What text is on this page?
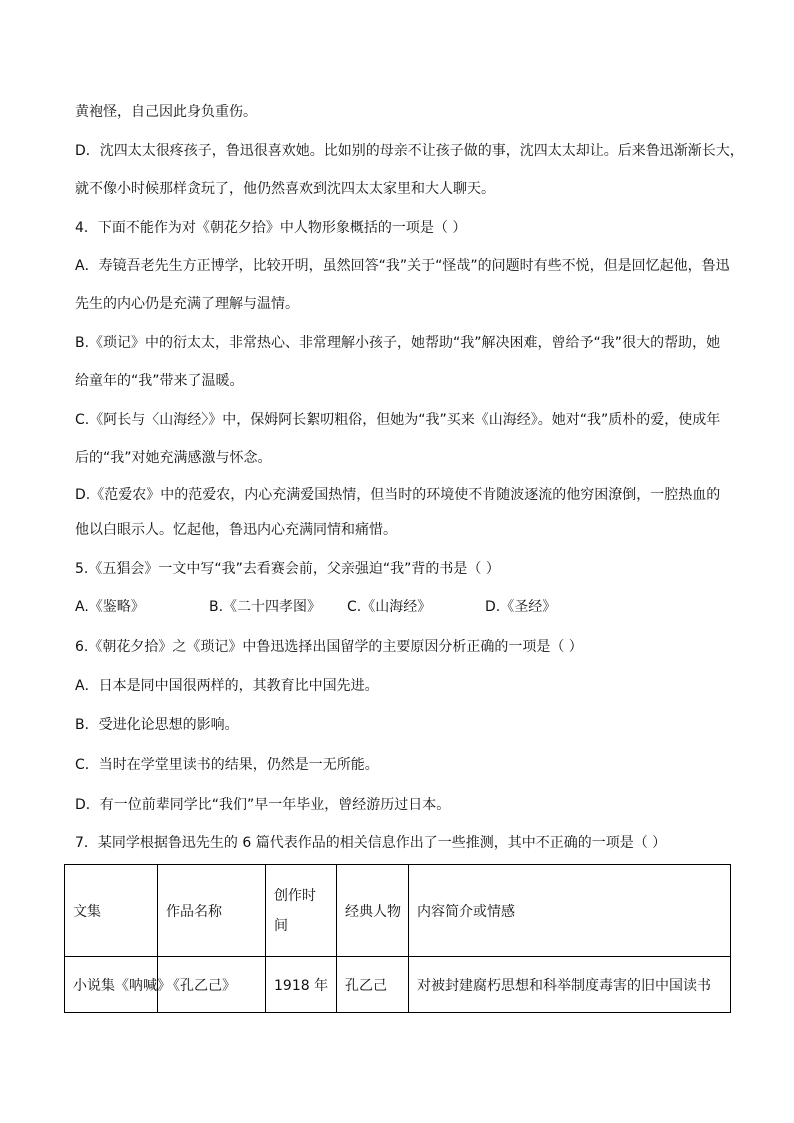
黄袍怪，自己因此身负重伤。
D．沈四太太很疼孩子，鲁迅很喜欢她。比如别的母亲不让孩子做的事，沈四太太却让。后来鲁迅渐渐长大，
就不像小时候那样贪玩了，他仍然喜欢到沈四太太家里和大人聊天。
4．下面不能作为对《朝花夕拾》中人物形象概括的一项是（ ）
A．寿镜吾老先生方正博学，比较开明，虽然回答“我”关于“怪哉”的问题时有些不悦，但是回忆起他，鲁迅
先生的内心仍是充满了理解与温情。
B.《琐记》中的衍太太，非常热心、非常理解小孩子，她帮助“我”解决困难，曾给予“我”很大的帮助，她
给童年的“我”带来了温暖。
C.《阿长与〈山海经〉》中，保姆阿长絮叨粗俗，但她为“我”买来《山海经》。她对“我”质朴的爱，使成年
后的“我”对她充满感激与怀念。
D.《范爱农》中的范爱农，内心充满爱国热情，但当时的环境使不肯随波逐流的他穷困潦倒，一腔热血的
他以白眼示人。忆起他，鲁迅内心充满同情和痛惜。
5.《五猖会》一文中写“我”去看赛会前，父亲强迫“我”背的书是（ ）
A.《鉴略》	B.《二十四孝图》 C.《山海经》	D.《圣经》
6.《朝花夕拾》之《琐记》中鲁迅选择出国留学的主要原因分析正确的一项是（ ）
A．日本是同中国很两样的，其教育比中国先进。
B．受进化论思想的影响。
C．当时在学堂里读书的结果，仍然是一无所能。
D．有一位前辈同学比“我们”早一年毕业，曾经游历过日本。
7．某同学根据鲁迅先生的 6 篇代表作品的相关信息作出了一些推测，其中不正确的一项是（ ）
文集	作品名称	创作时间	经典人物	内容简介或情感
小说集《呐喊》	《孔乙己》	1918 年	孔乙己	对被封建腐朽思想和科举制度毒害的旧中国读书
